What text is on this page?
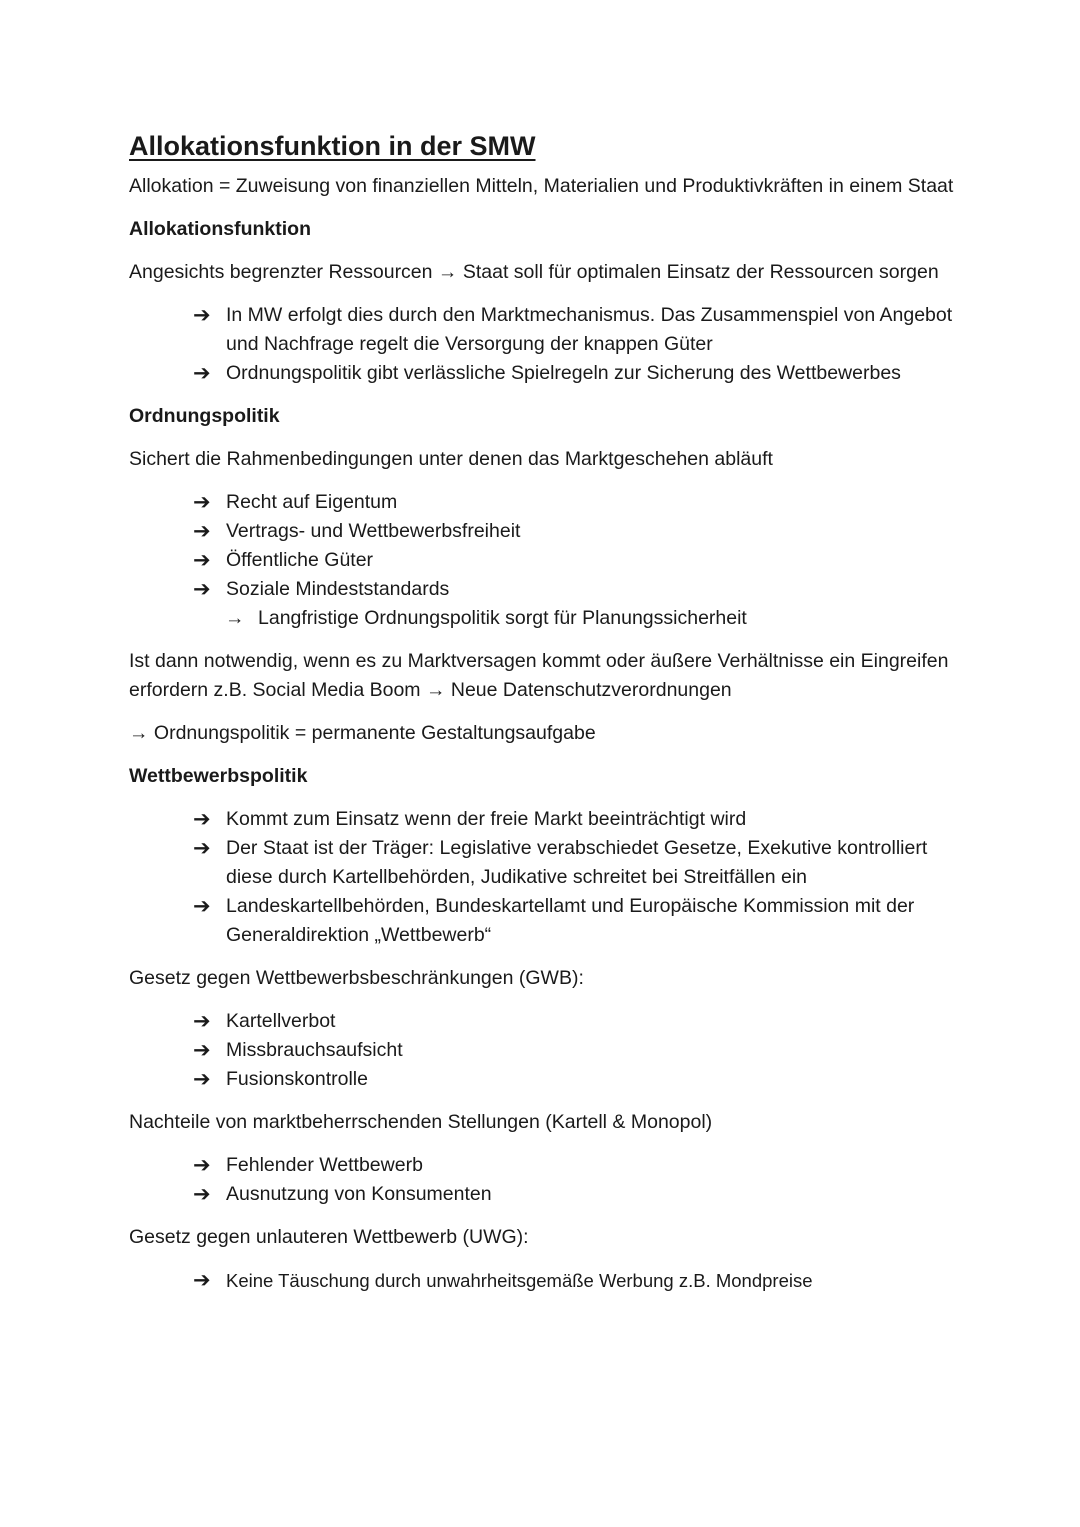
Allokationsfunktion in der SMW

Allokation = Zuweisung von finanziellen Mitteln, Materialien und Produktivkräften in einem Staat

Allokationsfunktion

Angesichts begrenzter Ressourcen → Staat soll für optimalen Einsatz der Ressourcen sorgen

➔ In MW erfolgt dies durch den Marktmechanismus. Das Zusammenspiel von Angebot und Nachfrage regelt die Versorgung der knappen Güter
➔ Ordnungspolitik gibt verlässliche Spielregeln zur Sicherung des Wettbewerbes

Ordnungspolitik

Sichert die Rahmenbedingungen unter denen das Marktgeschehen abläuft

➔ Recht auf Eigentum
➔ Vertrags- und Wettbewerbsfreiheit
➔ Öffentliche Güter
➔ Soziale Mindeststandards
→ Langfristige Ordnungspolitik sorgt für Planungssicherheit

Ist dann notwendig, wenn es zu Marktversagen kommt oder äußere Verhältnisse ein Eingreifen erfordern z.B. Social Media Boom → Neue Datenschutzverordnungen

→ Ordnungspolitik = permanente Gestaltungsaufgabe

Wettbewerbspolitik

➔ Kommt zum Einsatz wenn der freie Markt beeinträchtigt wird
➔ Der Staat ist der Träger: Legislative verabschiedet Gesetze, Exekutive kontrolliert diese durch Kartellbehörden, Judikative schreitet bei Streitfällen ein
➔ Landeskartellbehörden, Bundeskartellamt und Europäische Kommission mit der Generaldirektion „Wettbewerb“

Gesetz gegen Wettbewerbsbeschränkungen (GWB):

➔ Kartellverbot
➔ Missbrauchsaufsicht
➔ Fusionskontrolle

Nachteile von marktbeherrschenden Stellungen (Kartell & Monopol)

➔ Fehlender Wettbewerb
➔ Ausnutzung von Konsumenten

Gesetz gegen unlauteren Wettbewerb (UWG):

➔ Keine Täuschung durch unwahrheitsgemäße Werbung z.B. Mondpreise
